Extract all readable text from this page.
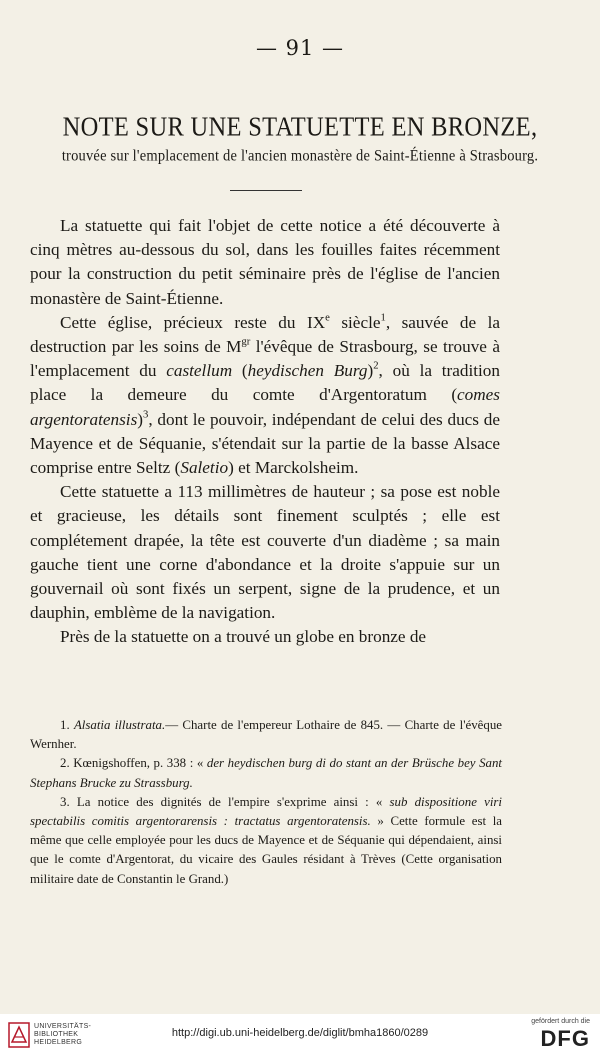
— 91 —
NOTE SUR UNE STATUETTE EN BRONZE,
trouvée sur l'emplacement de l'ancien monastère de Saint-Étienne à Strasbourg.

La statuette qui fait l'objet de cette notice a été découverte à cinq mètres au-dessous du sol, dans les fouilles faites récemment pour la construction du petit séminaire près de l'église de l'ancien monastère de Saint-Étienne.

Cette église, précieux reste du IXe siècle$^1$, sauvée de la destruction par les soins de $M^{gr}$ l'évêque de Strasbourg, se trouve à l'emplacement du castellum (heydischen Burg)$^2$, où la tradition place la demeure du comte d'Argentoratum (comes argentoratensis)$^3$, dont le pouvoir, indépendant de celui des ducs de Mayence et de Séquanie, s'étendait sur la partie de la basse Alsace comprise entre Seltz (Saletio) et Marckolsheim.

Cette statuette a 113 millimètres de hauteur ; sa pose est noble et gracieuse, les détails sont finement sculptés ; elle est complétement drapée, la tête est couverte d'un diadème ; sa main gauche tient une corne d'abondance et la droite s'appuie sur un gouvernail où sont fixés un serpent, signe de la prudence, et un dauphin, emblème de la navigation.

Près de la statuette on a trouvé un globe en bronze de

1. Alsatia illustrata.— Charte de l'empereur Lothaire de 845. — Charte de l'évêque Wernher.

2. Kœnigshoffen, p. 338 : « der heydischen burg di do stant an der Brüsche bey Sant Stephans Brucke zu Strassburg.

3. La notice des dignités de l'empire s'exprime ainsi : « sub dispositione viri spectabilis comitis argentorarensis : tractatus argentoratensis. » Cette formule est la même que celle employée pour les ducs de Mayence et de Séquanie qui dépendaient, ainsi que le comte d'Argentorat, du vicaire des Gaules résidant à Trèves (Cette organisation militaire date de Constantin le Grand.)

UNIVERSITÄTS-
BIBLIOTHEK
HEIDELBERG
http://digi.ub.uni-heidelberg.de/diglit/bmha1860/0289
gefördert durch die
DFG
